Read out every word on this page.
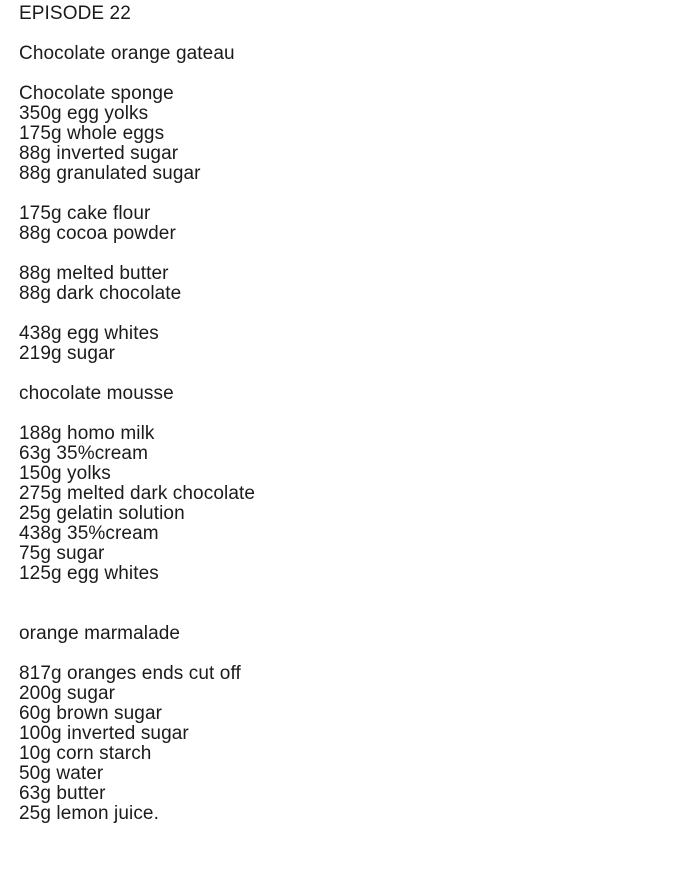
EPISODE 22
Chocolate orange gateau
Chocolate sponge
350g egg yolks
175g whole eggs
88g inverted sugar
88g granulated sugar
175g cake flour
88g cocoa powder
88g melted butter
88g dark chocolate
438g egg whites
219g sugar
chocolate mousse
188g homo milk
63g 35%cream
150g yolks
275g melted dark chocolate
25g gelatin solution
438g 35%cream
75g sugar
125g egg whites
orange marmalade
817g oranges ends cut off
200g sugar
60g brown sugar
100g inverted sugar
10g corn starch
50g water
63g butter
25g lemon juice.
